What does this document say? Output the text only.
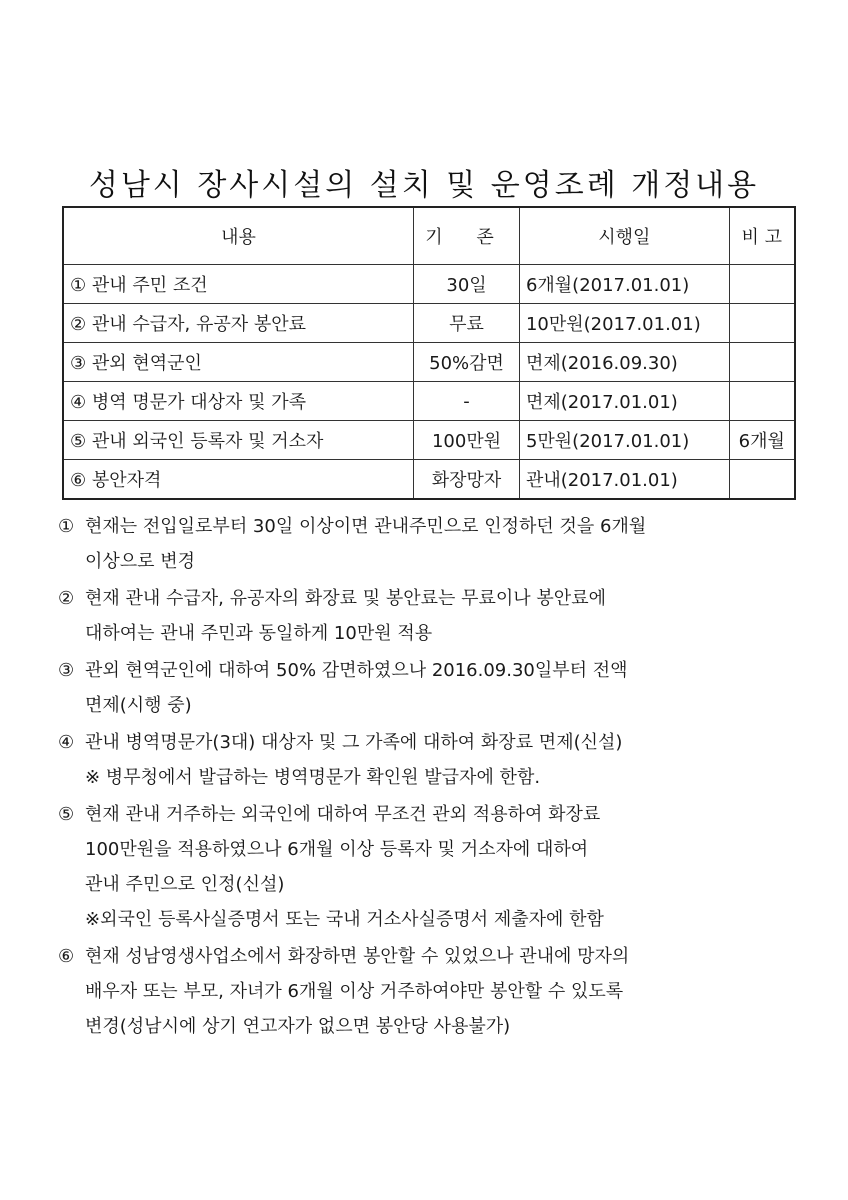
성남시 장사시설의 설치 및 운영조례 개정내용
내용	기 존	시행일	비 고
① 관내 주민 조건	30일	6개월(2017.01.01)	
② 관내 수급자, 유공자 봉안료	무료	10만원(2017.01.01)	
③ 관외 현역군인	50%감면	면제(2016.09.30)	
④ 병역 명문가 대상자 및 가족	-	면제(2017.01.01)	
⑤ 관내 외국인 등록자 및 거소자	100만원	5만원(2017.01.01)	6개월
⑥ 봉안자격	화장망자	관내(2017.01.01)	
① 현재는 전입일로부터 30일 이상이면 관내주민으로 인정하던 것을 6개월
이상으로 변경
② 현재 관내 수급자, 유공자의 화장료 및 봉안료는 무료이나 봉안료에
대하여는 관내 주민과 동일하게 10만원 적용
③ 관외 현역군인에 대하여 50% 감면하였으나 2016.09.30일부터 전액
면제(시행 중)
④ 관내 병역명문가(3대) 대상자 및 그 가족에 대하여 화장료 면제(신설)
※ 병무청에서 발급하는 병역명문가 확인원 발급자에 한함.
⑤ 현재 관내 거주하는 외국인에 대하여 무조건 관외 적용하여 화장료
100만원을 적용하였으나 6개월 이상 등록자 및 거소자에 대하여
관내 주민으로 인정(신설)
※외국인 등록사실증명서 또는 국내 거소사실증명서 제출자에 한함
⑥ 현재 성남영생사업소에서 화장하면 봉안할 수 있었으나 관내에 망자의
배우자 또는 부모, 자녀가 6개월 이상 거주하여야만 봉안할 수 있도록
변경(성남시에 상기 연고자가 없으면 봉안당 사용불가)
